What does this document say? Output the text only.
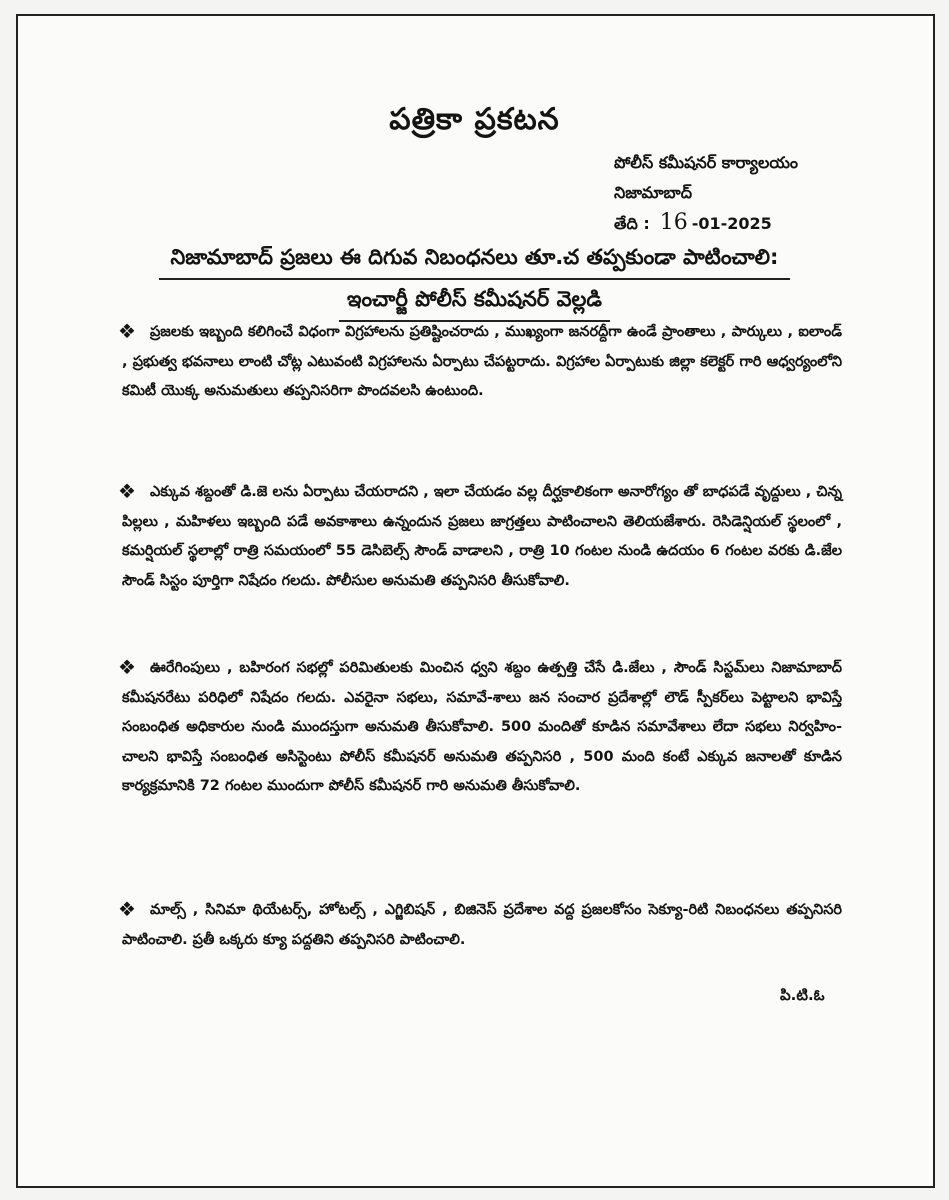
పత్రికా ప్రకటన
పోలీస్ కమీషనర్ కార్యాలయం
నిజామాబాద్
తేది : 16 -01-2025
నిజామాబాద్ ప్రజలు ఈ దిగువ నిబంధనలు తూ.చ తప్పకుండా పాటించాలి:
ఇంచార్జీ పోలీస్ కమీషనర్ వెల్లడి
❖ ప్రజలకు ఇబ్బంది కలిగించే విధంగా విగ్రహాలను ప్రతిష్టించరాదు , ముఖ్యంగా జనరద్దీగా ఉండే ప్రాంతాలు , పార్కులు , ఐలాండ్ , ప్రభుత్వ భవనాలు లాంటి చోట్ల ఎటువంటి విగ్రహాలను ఏర్పాటు చేపట్టరాదు. విగ్రహాల ఏర్పాటుకు జిల్లా కలెక్టర్ గారి ఆధ్వర్యంలోని కమిటీ యొక్క అనుమతులు తప్పనిసరిగా పొందవలసి ఉంటుంది.
❖ ఎక్కువ శబ్దంతో డి.జె లను ఏర్పాటు చేయరాదని , ఇలా చేయడం వల్ల దీర్ఘకాలికంగా అనారోగ్యం తో బాధపడే వృద్దులు , చిన్న పిల్లలు , మహిళలు ఇబ్బంది పడే అవకాశాలు ఉన్నందున ప్రజలు జాగ్రత్తలు పాటించాలని తెలియజేశారు. రెసిడెన్షియల్ స్థలంలో , కమర్షియల్ స్థలాల్లో రాత్రి సమయంలో 55 డెసిబెల్స్ సౌండ్ వాడాలని , రాత్రి 10 గంటల నుండి ఉదయం 6 గంటల వరకు డి.జేల సౌండ్ సిస్టం పూర్తిగా నిషేదం గలదు. పోలీసుల అనుమతి తప్పనిసరి తీసుకోవాలి.
❖ ఊరేగింపులు , బహిరంగ సభల్లో పరిమితులకు మించిన ధ్వని శబ్దం ఉత్పత్తి చేసే డి.జేలు , సౌండ్ సిస్టమ్‌లు నిజామాబాద్ కమీషనరేటు పరిధిలో నిషేదం గలదు. ఎవరైనా సభలు, సమావే-శాలు జన సంచార ప్రదేశాల్లో లౌడ్ స్పీకర్‌లు పెట్టాలని భావిస్తే సంబంధిత అధికారుల నుండి ముందస్తుగా అనుమతి తీసుకోవాలి. 500 మందితో కూడిన సమావేశాలు లేదా సభలు నిర్వహిం-చాలని భావిస్తే సంబంధిత అసిస్టెంటు పోలీస్ కమీషనర్ అనుమతి తప్పనిసరి , 500 మంది కంటే ఎక్కువ జనాలతో కూడిన కార్యక్రమానికి 72 గంటల ముందుగా పోలీస్ కమీషనర్ గారి అనుమతి తీసుకోవాలి.
❖ మాల్స్ , సినిమా థియేటర్స్, హోటల్స్ , ఎగ్జిబిషన్ , బిజినెస్ ప్రదేశాల వద్ద ప్రజలకోసం సెక్యూ-రిటి నిబంధనలు తప్పనిసరి పాటించాలి. ప్రతీ ఒక్కరు క్యూ పద్దతిని తప్పనిసరి పాటించాలి.
పి.టి.ఓ
